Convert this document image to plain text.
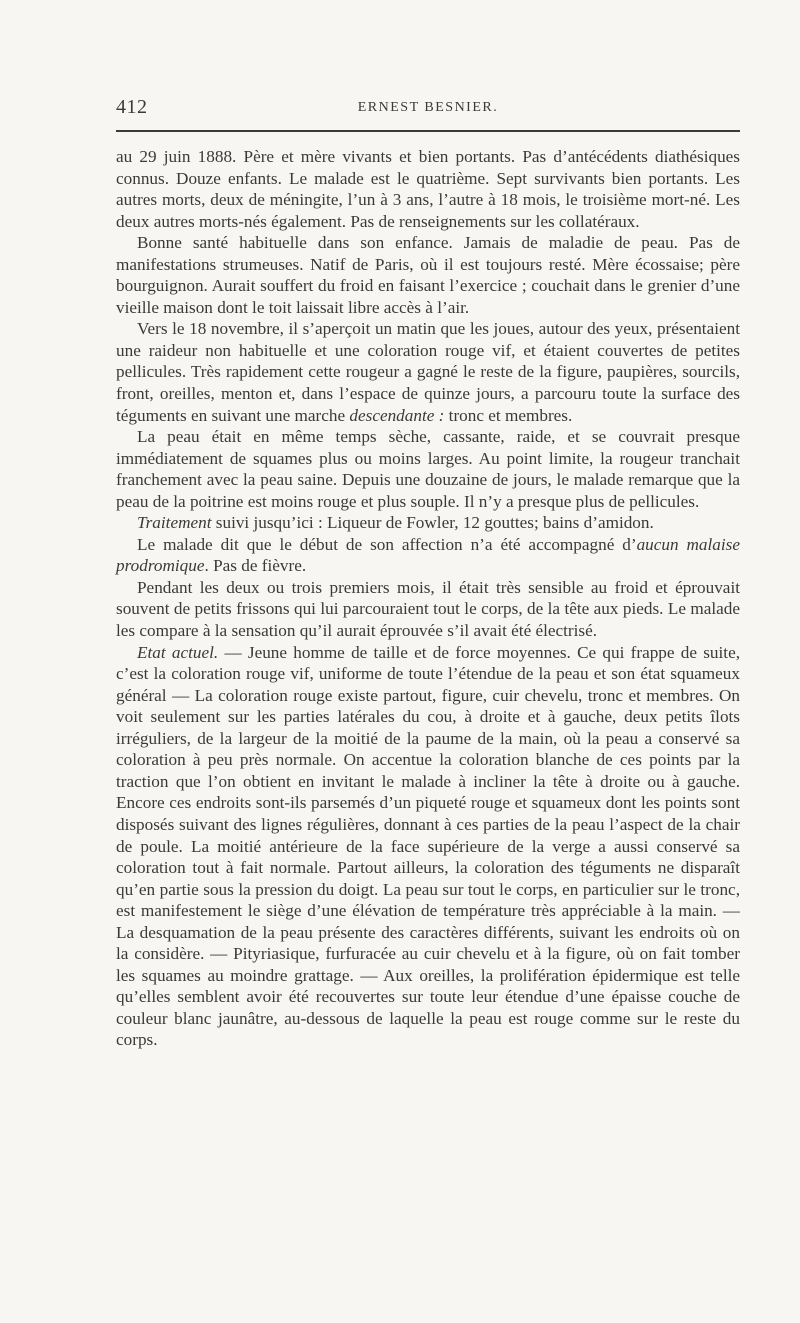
412	ERNEST BESNIER.

au 29 juin 1888. Père et mère vivants et bien portants. Pas d’antécédents diathésiques connus. Douze enfants. Le malade est le quatrième. Sept survivants bien portants. Les autres morts, deux de méningite, l’un à 3 ans, l’autre à 18 mois, le troisième mort-né. Les deux autres morts-nés également. Pas de renseignements sur les collatéraux.

Bonne santé habituelle dans son enfance. Jamais de maladie de peau. Pas de manifestations strumeuses. Natif de Paris, où il est toujours resté. Mère écossaise; père bourguignon. Aurait souffert du froid en faisant l’exercice ; couchait dans le grenier d’une vieille maison dont le toit laissait libre accès à l’air.

Vers le 18 novembre, il s’aperçoit un matin que les joues, autour des yeux, présentaient une raideur non habituelle et une coloration rouge vif, et étaient couvertes de petites pellicules. Très rapidement cette rougeur a gagné le reste de la figure, paupières, sourcils, front, oreilles, menton et, dans l’espace de quinze jours, a parcouru toute la surface des téguments en suivant une marche descendante : tronc et membres.

La peau était en même temps sèche, cassante, raide, et se couvrait presque immédiatement de squames plus ou moins larges. Au point limite, la rougeur tranchait franchement avec la peau saine. Depuis une douzaine de jours, le malade remarque que la peau de la poitrine est moins rouge et plus souple. Il n’y a presque plus de pellicules.

Traitement suivi jusqu’ici : Liqueur de Fowler, 12 gouttes; bains d’amidon.

Le malade dit que le début de son affection n’a été accompagné d’aucun malaise prodromique. Pas de fièvre.

Pendant les deux ou trois premiers mois, il était très sensible au froid et éprouvait souvent de petits frissons qui lui parcouraient tout le corps, de la tête aux pieds. Le malade les compare à la sensation qu’il aurait éprouvée s’il avait été électrisé.

Etat actuel. — Jeune homme de taille et de force moyennes. Ce qui frappe de suite, c’est la coloration rouge vif, uniforme de toute l’étendue de la peau et son état squameux général — La coloration rouge existe partout, figure, cuir chevelu, tronc et membres. On voit seulement sur les parties latérales du cou, à droite et à gauche, deux petits îlots irréguliers, de la largeur de la moitié de la paume de la main, où la peau a conservé sa coloration à peu près normale. On accentue la coloration blanche de ces points par la traction que l’on obtient en invitant le malade à incliner la tête à droite ou à gauche. Encore ces endroits sont-ils parsemés d’un piqueté rouge et squameux dont les points sont disposés suivant des lignes régulières, donnant à ces parties de la peau l’aspect de la chair de poule. La moitié antérieure de la face supérieure de la verge a aussi conservé sa coloration tout à fait normale. Partout ailleurs, la coloration des téguments ne disparaît qu’en partie sous la pression du doigt. La peau sur tout le corps, en particulier sur le tronc, est manifestement le siège d’une élévation de température très appréciable à la main. — La desquamation de la peau présente des caractères différents, suivant les endroits où on la considère. — Pityriasique, furfuracée au cuir chevelu et à la figure, où on fait tomber les squames au moindre grattage. — Aux oreilles, la prolifération épidermique est telle qu’elles semblent avoir été recouvertes sur toute leur étendue d’une épaisse couche de couleur blanc jaunâtre, au-dessous de laquelle la peau est rouge comme sur le reste du corps.
